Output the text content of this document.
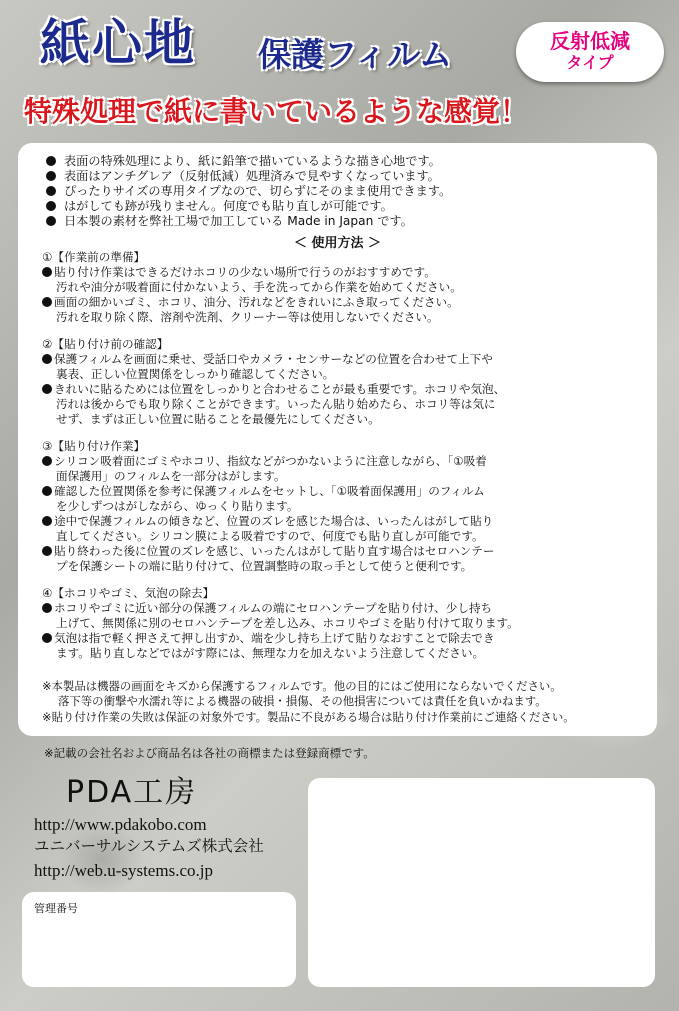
紙心地 保護フィルム	反射低減
タイプ
特殊処理で紙に書いているような感覚！
表面の特殊処理により、紙に鉛筆で描いているような描き心地です。
表面はアンチグレア（反射低減）処理済みで見やすくなっています。
ぴったりサイズの専用タイプなので、切らずにそのまま使用できます。
はがしても跡が残りません。何度でも貼り直しが可能です。
日本製の素材を弊社工場で加工している Made in Japan です。
＜ 使用方法 ＞
①【作業前の準備】
貼り付け作業はできるだけホコリの少ない場所で行うのがおすすめです。
汚れや油分が吸着面に付かないよう、手を洗ってから作業を始めてください。
画面の細かいゴミ、ホコリ、油分、汚れなどをきれいにふき取ってください。
汚れを取り除く際、溶剤や洗剤、クリーナー等は使用しないでください。
②【貼り付け前の確認】
保護フィルムを画面に乗せ、受話口やカメラ・センサーなどの位置を合わせて上下や
裏表、正しい位置関係をしっかり確認してください。
きれいに貼るためには位置をしっかりと合わせることが最も重要です。ホコリや気泡、
汚れは後からでも取り除くことができます。いったん貼り始めたら、ホコリ等は気に
せず、まずは正しい位置に貼ることを最優先にしてください。
③【貼り付け作業】
シリコン吸着面にゴミやホコリ、指紋などがつかないように注意しながら、「①吸着
面保護用」のフィルムを一部分はがします。
確認した位置関係を参考に保護フィルムをセットし、「①吸着面保護用」のフィルム
を少しずつはがしながら、ゆっくり貼ります。
途中で保護フィルムの傾きなど、位置のズレを感じた場合は、いったんはがして貼り
直してください。シリコン膜による吸着ですので、何度でも貼り直しが可能です。
貼り終わった後に位置のズレを感じ、いったんはがして貼り直す場合はセロハンテー
プを保護シートの端に貼り付けて、位置調整時の取っ手として使うと便利です。
④【ホコリやゴミ、気泡の除去】
ホコリやゴミに近い部分の保護フィルムの端にセロハンテープを貼り付け、少し持ち
上げて、無関係に別のセロハンテープを差し込み、ホコリやゴミを貼り付けて取ります。
気泡は指で軽く押さえて押し出すか、端を少し持ち上げて貼りなおすことで除去でき
ます。貼り直しなどではがす際には、無理な力を加えないよう注意してください。
※本製品は機器の画面をキズから保護するフィルムです。他の目的にはご使用にならないでください。
落下等の衝撃や水濡れ等による機器の破損・損傷、その他損害については責任を負いかねます。
※貼り付け作業の失敗は保証の対象外です。製品に不良がある場合は貼り付け作業前にご連絡ください。
※記載の会社名および商品名は各社の商標または登録商標です。
PDA工房
http://www.pdakobo.com
ユニバーサルシステムズ株式会社
http://web.u-systems.co.jp
管理番号
